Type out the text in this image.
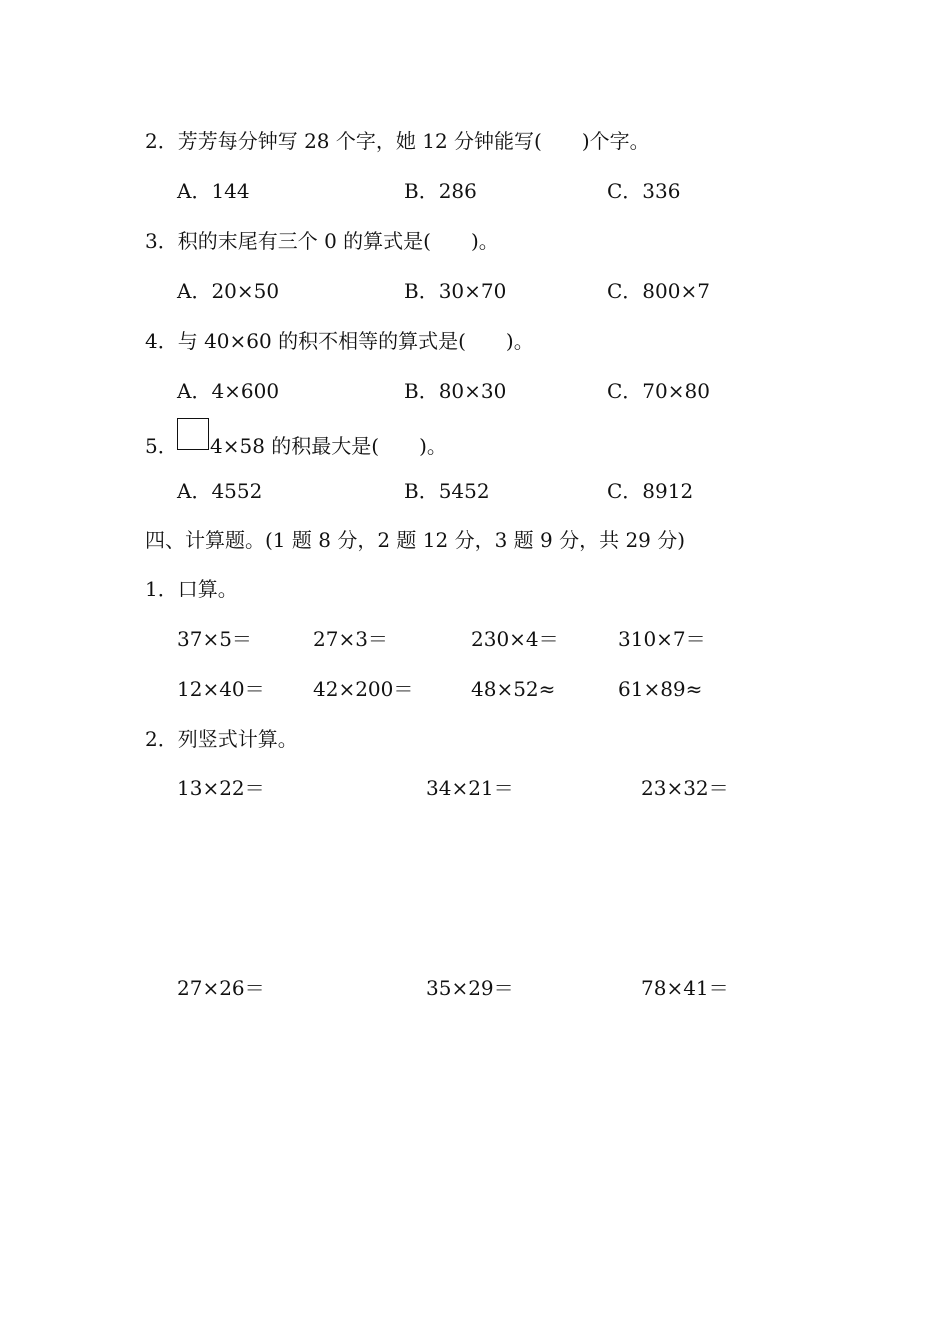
2．芳芳每分钟写 28 个字，她 12 分钟能写(　　)个字。
A．144	B．286	C．336
3．积的末尾有三个 0 的算式是(　　)。
A．20×50	B．30×70	C．800×7
4．与 40×60 的积不相等的算式是(　　)。
A．4×600	B．80×30	C．70×80
5． 4×58 的积最大是(　　)。
A．4552	B．5452	C．8912
四、计算题。(1 题 8 分，2 题 12 分，3 题 9 分，共 29 分)
1．口算。
37×5＝	27×3＝	230×4＝	310×7＝
12×40＝ 42×200＝	48×52≈	61×89≈
2．列竖式计算。
13×22＝	34×21＝	23×32＝
27×26＝	35×29＝	78×41＝
